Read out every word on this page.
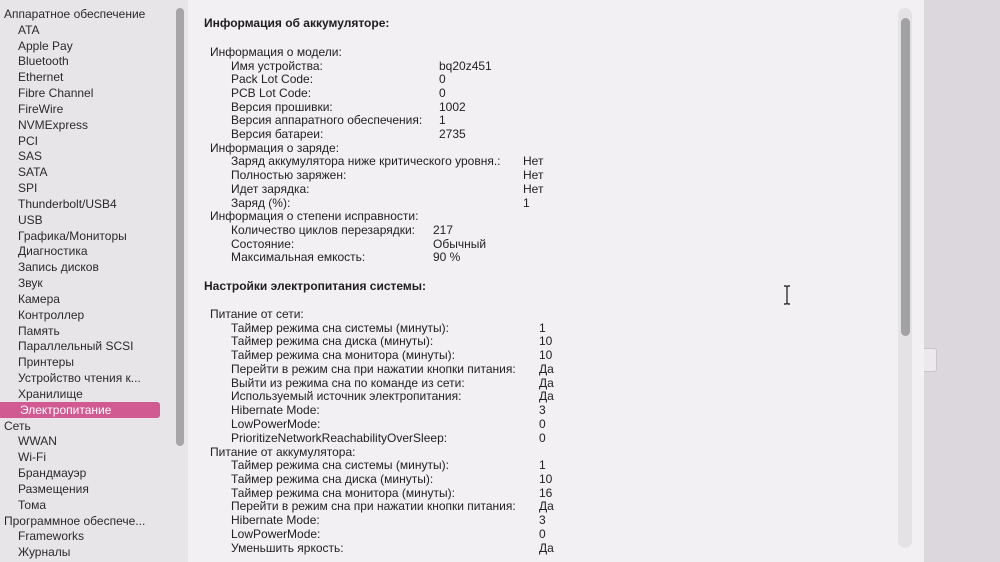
Аппаратное обеспечение
ATA
Apple Pay
Bluetooth
Ethernet
Fibre Channel
FireWire
NVMExpress
PCI
SAS
SATA
SPI
Thunderbolt/USB4
USB
Графика/Мониторы
Диагностика
Запись дисков
Звук
Камера
Контроллер
Память
Параллельный SCSI
Принтеры
Устройство чтения к...
Хранилище
Электропитание
Сеть
WWAN
Wi-Fi
Брандмауэр
Размещения
Тома
Программное обеспече...
Frameworks
Журналы
Информация об аккумуляторе:
Информация о модели:
Имя устройства:	bq20z451
Pack Lot Code:	0
PCB Lot Code:	0
Версия прошивки:	1002
Версия аппаратного обеспечения: 1
Версия батареи:	2735
Информация о заряде:
Заряд аккумулятора ниже критического уровня.: Нет
Полностью заряжен:	Нет
Идет зарядка:	Нет
Заряд (%):	1
Информация о степени исправности:
Количество циклов перезарядки: 217
Состояние:	Обычный
Максимальная емкость:	90 %
Настройки электропитания системы:
Питание от сети:
Таймер режима сна системы (минуты):	1
Таймер режима сна диска (минуты):	10
Таймер режима сна монитора (минуты):	10
Перейти в режим сна при нажатии кнопки питания: Да
Выйти из режима сна по команде из сети:	Да
Используемый источник электропитания:	Да
Hibernate Mode:	3
LowPowerMode:	0
PrioritizeNetworkReachabilityOverSleep:	0
Питание от аккумулятора:
Таймер режима сна системы (минуты):	1
Таймер режима сна диска (минуты):	10
Таймер режима сна монитора (минуты):	16
Перейти в режим сна при нажатии кнопки питания: Да
Hibernate Mode:	3
LowPowerMode:	0
Уменьшить яркость:	Да
